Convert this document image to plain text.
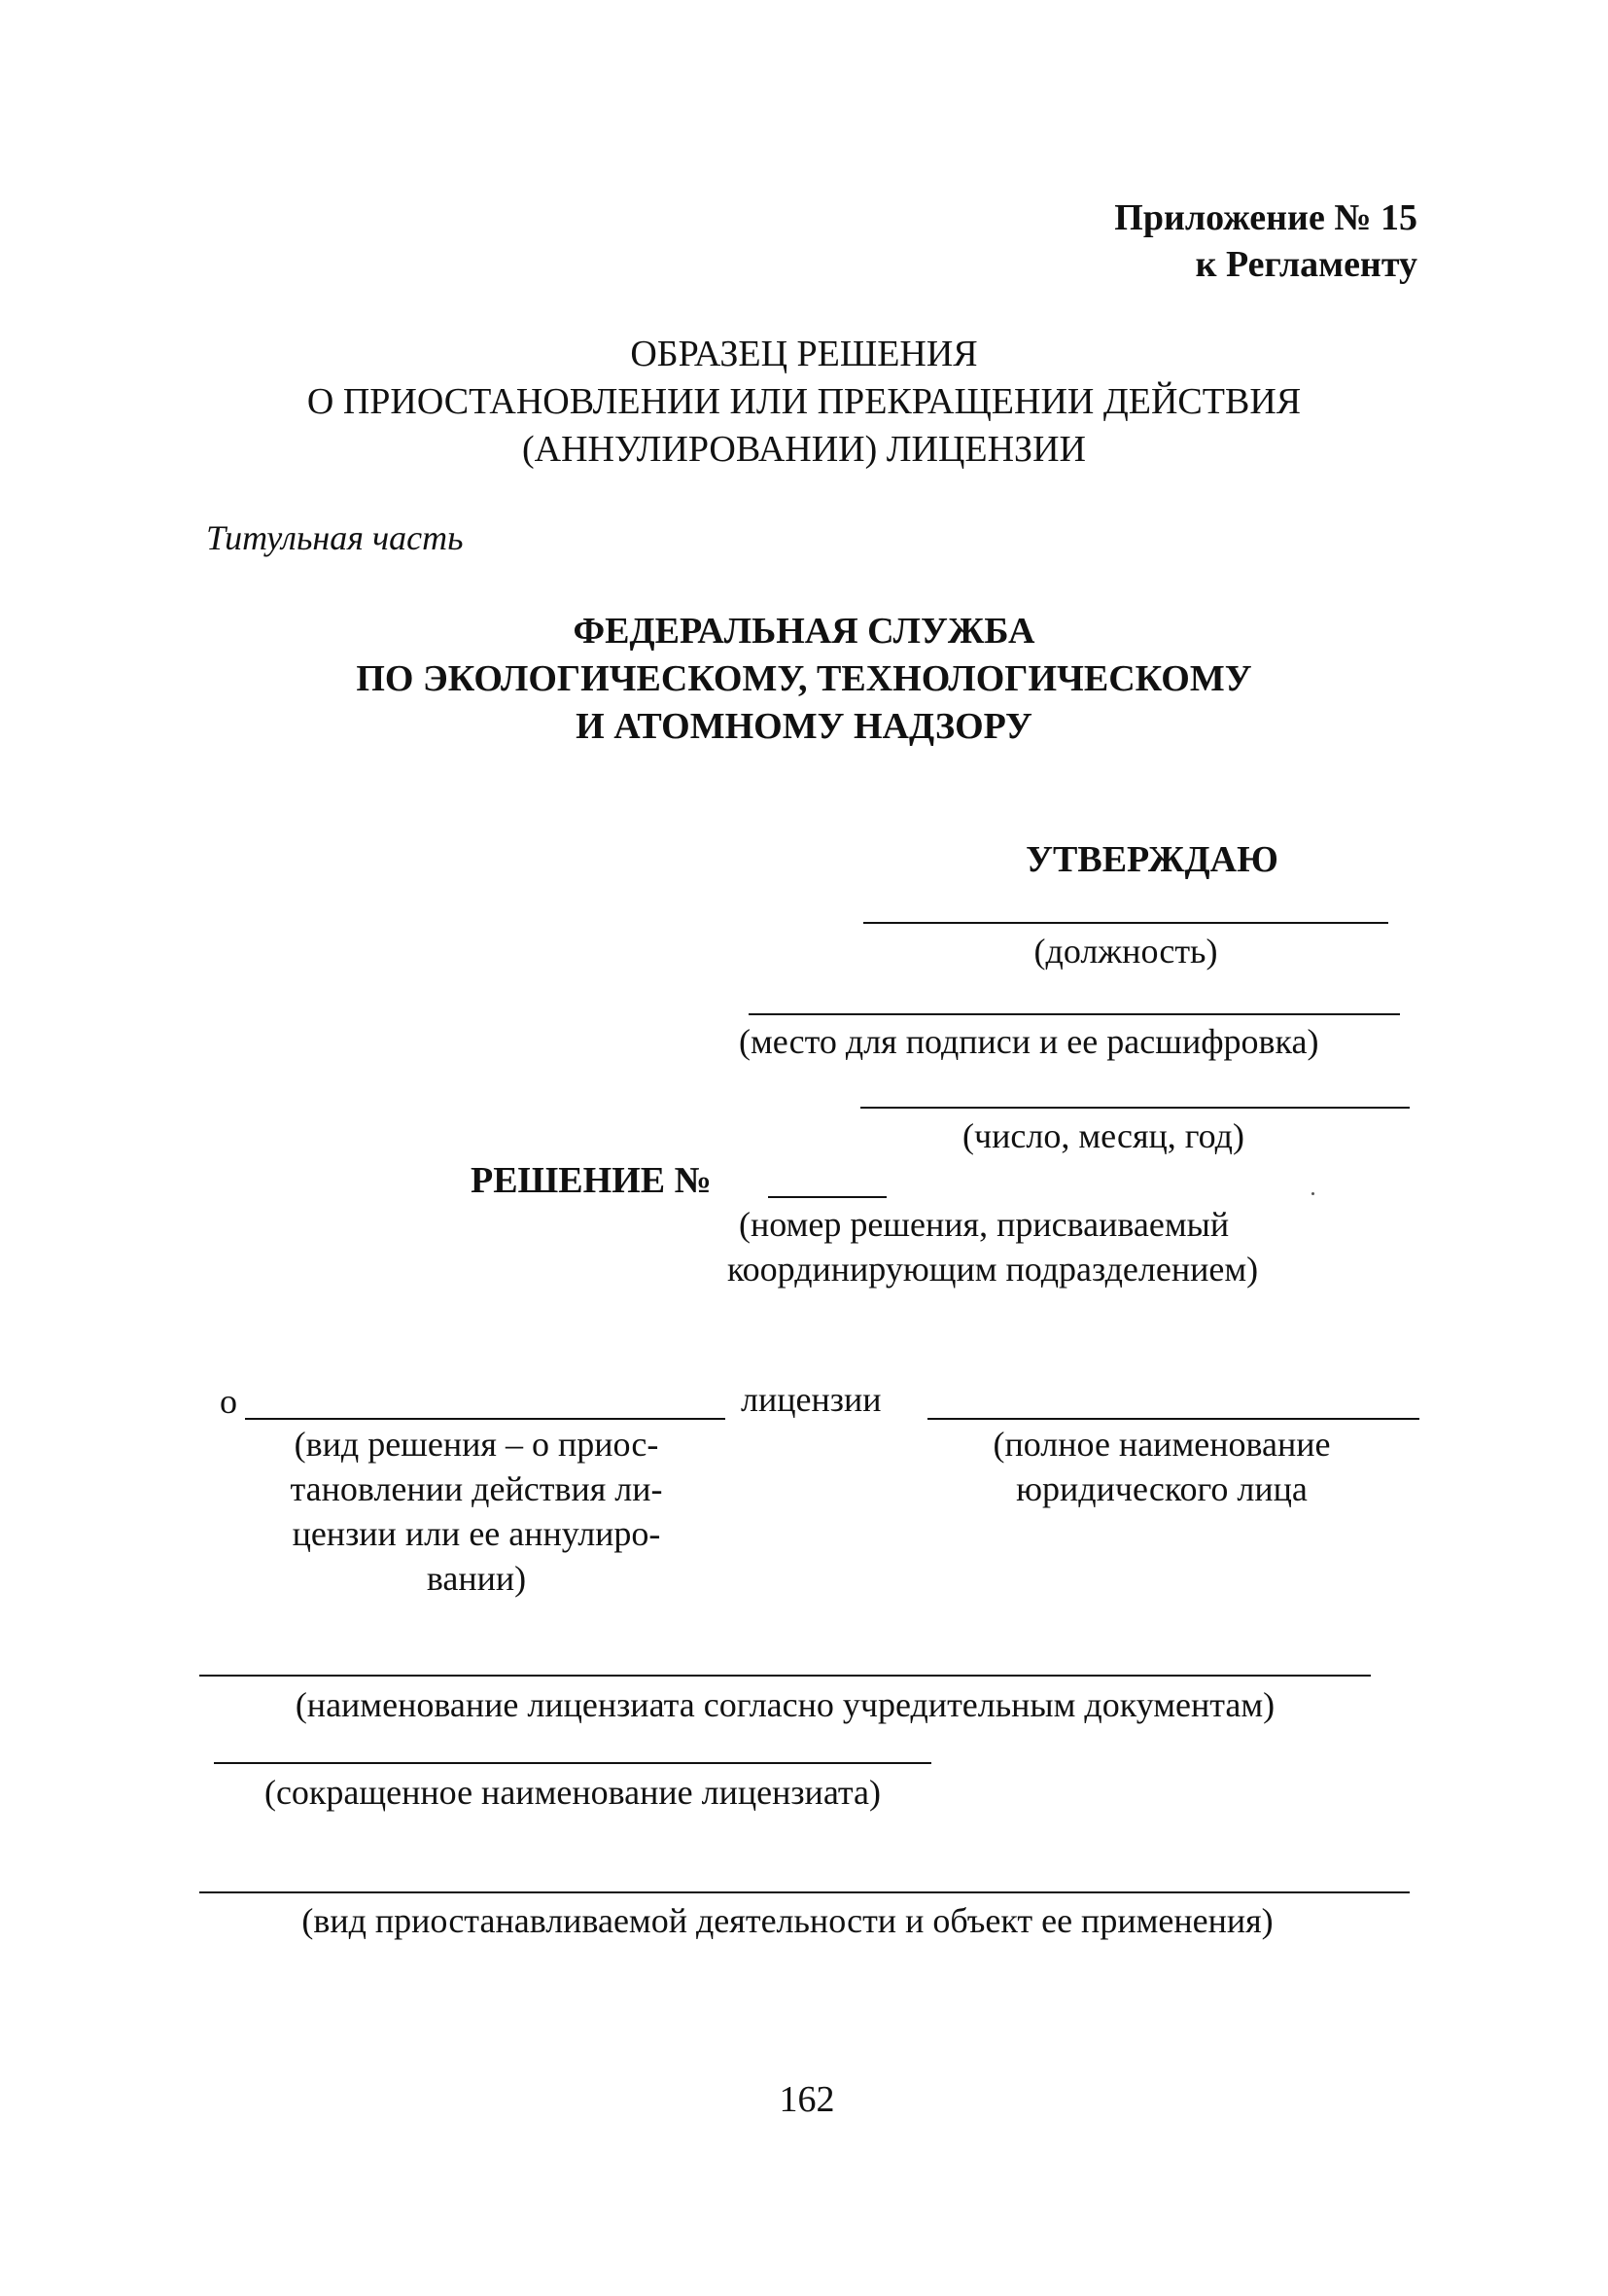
Приложение № 15
к Регламенту
ОБРАЗЕЦ РЕШЕНИЯ
О ПРИОСТАНОВЛЕНИИ ИЛИ ПРЕКРАЩЕНИИ ДЕЙСТВИЯ
(АННУЛИРОВАНИИ) ЛИЦЕНЗИИ
Титульная часть
ФЕДЕРАЛЬНАЯ СЛУЖБА
ПО ЭКОЛОГИЧЕСКОМУ, ТЕХНОЛОГИЧЕСКОМУ
И АТОМНОМУ НАДЗОРУ
УТВЕРЖДАЮ
(должность)
(место для подписи и ее расшифровка)
(число, месяц, год)
РЕШЕНИЕ №
(номер решения, присваиваемый
координирующим подразделением)
о	лицензии
(вид решения – о приос-
тановлении действия ли-
цензии или ее аннулиро-
вании)
(полное наименование
юридического лица
(наименование лицензиата согласно учредительным документам)
(сокращенное наименование лицензиата)
(вид приостанавливаемой деятельности и объект ее применения)
162
